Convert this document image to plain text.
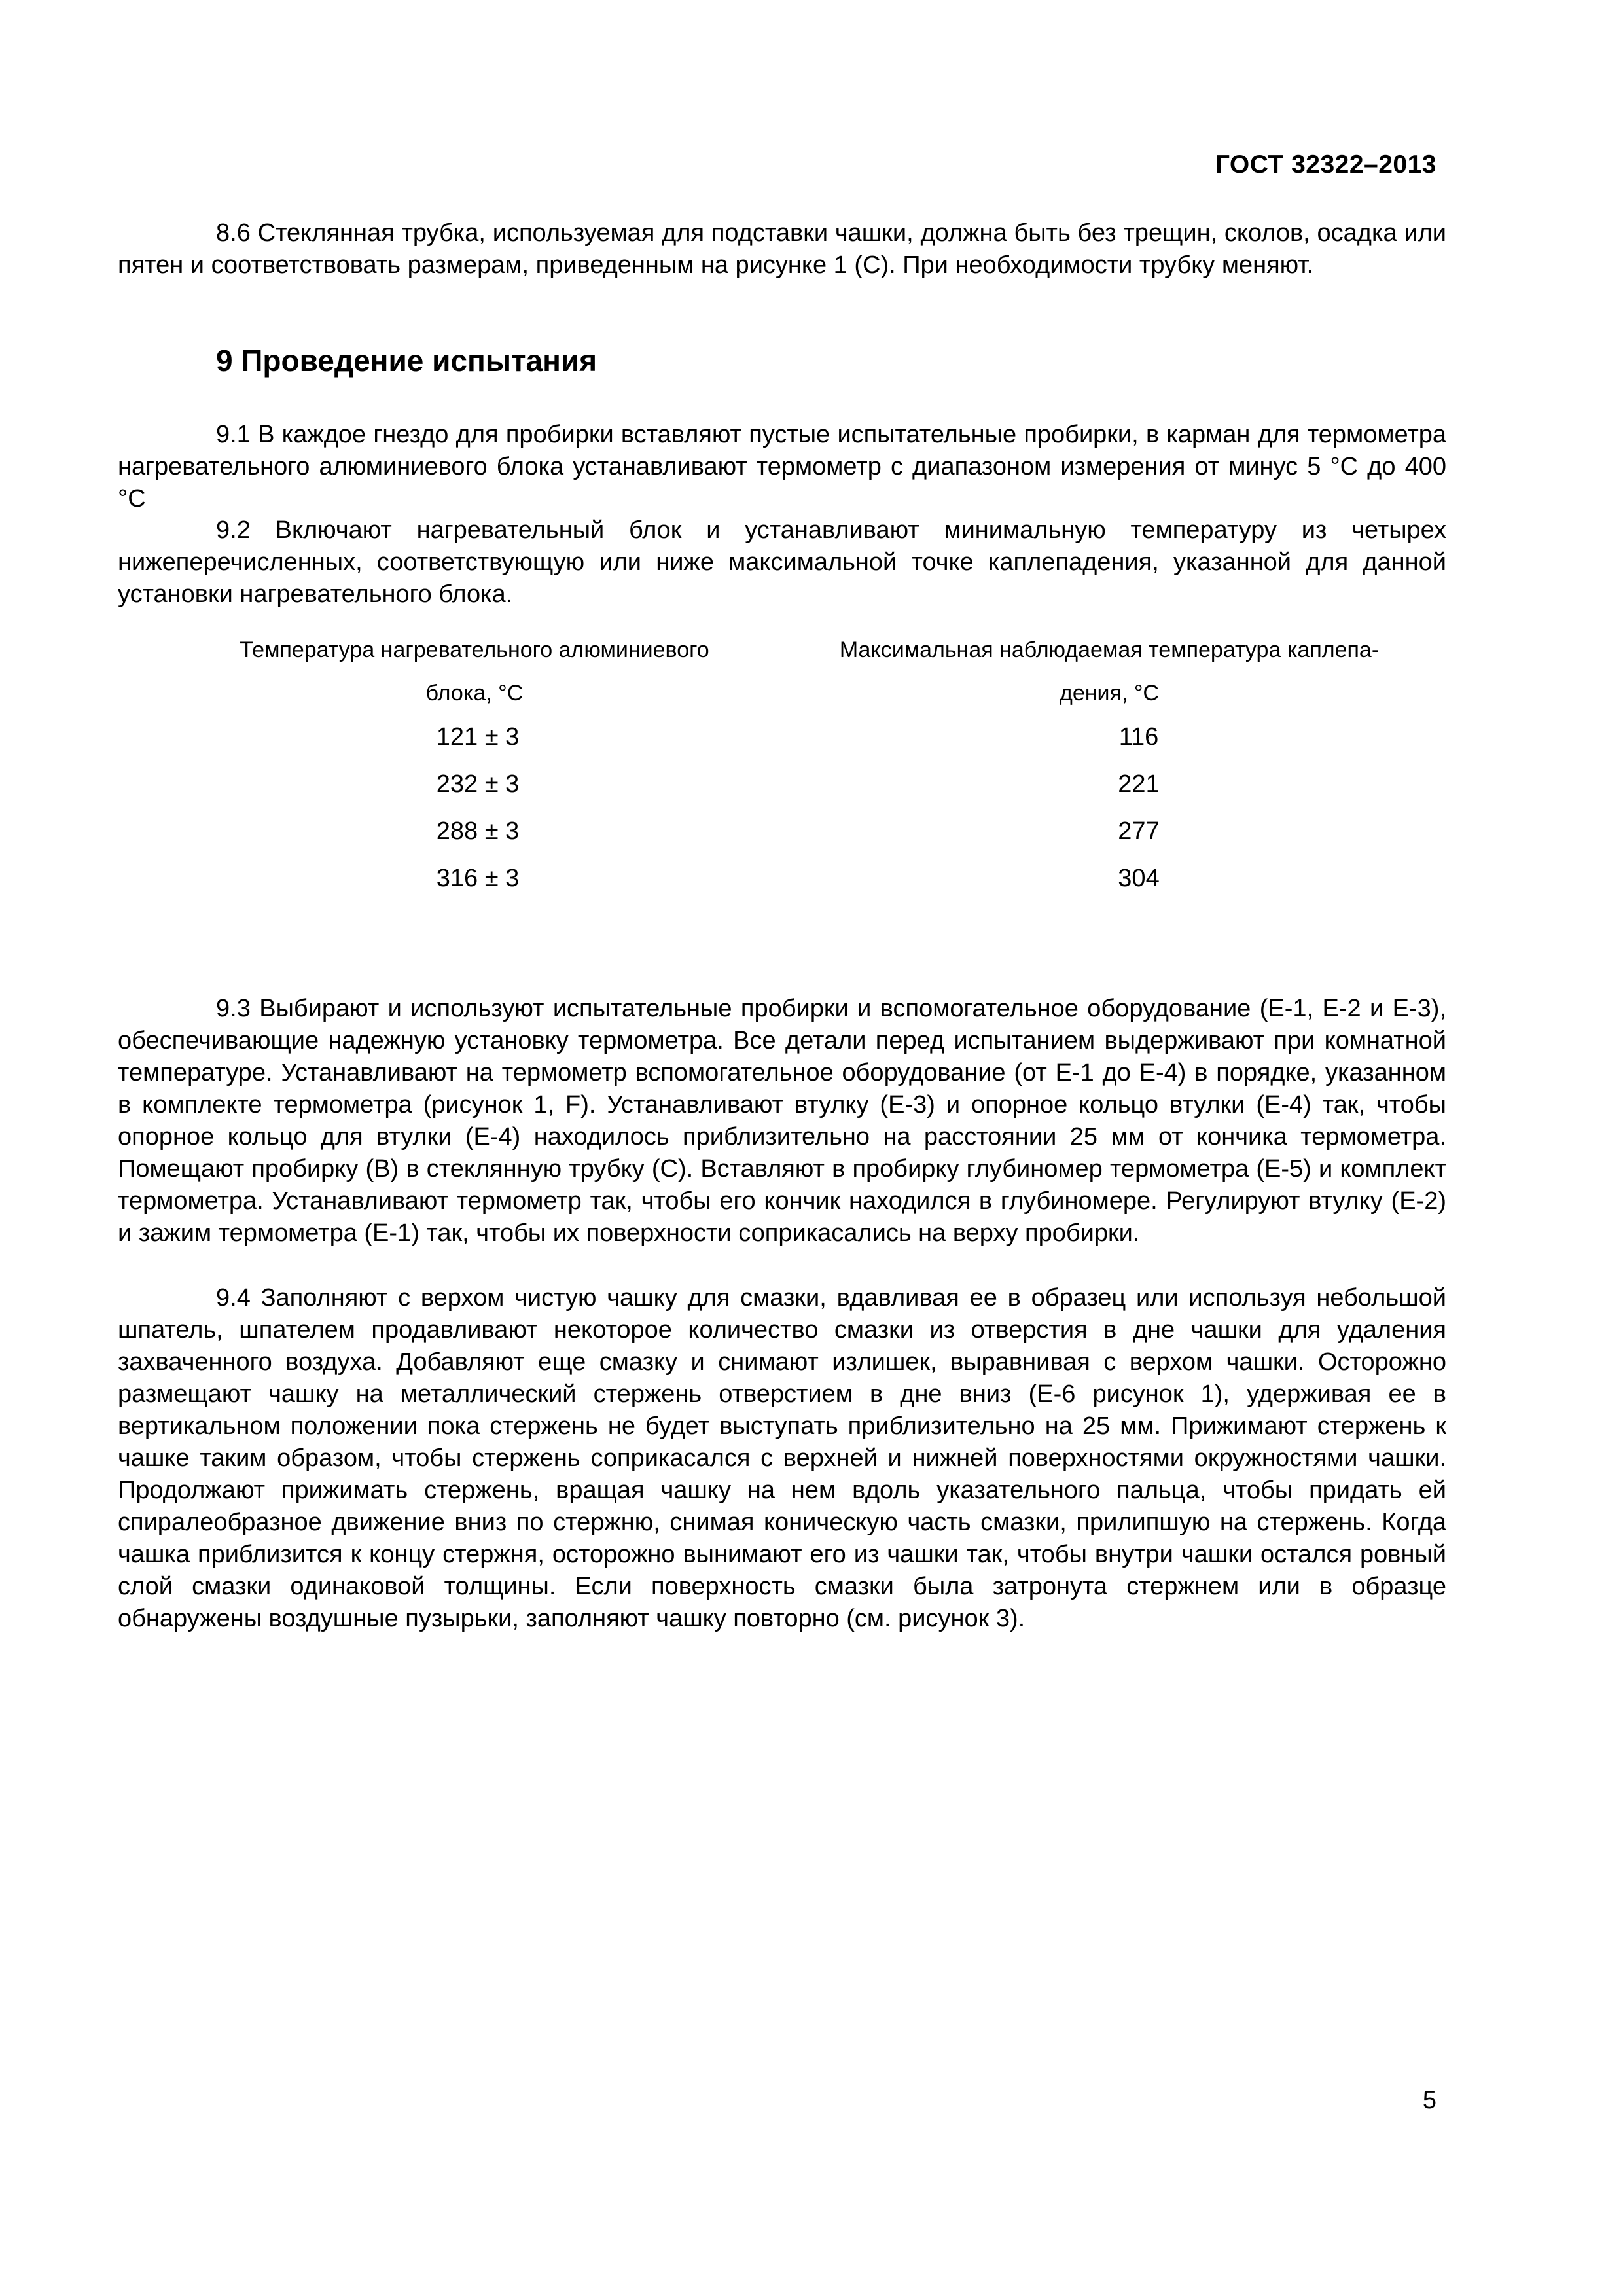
ГОСТ 32322–2013

8.6 Стеклянная трубка, используемая для подставки чашки, должна быть без трещин, сколов, осадка или пятен и соответствовать размерам, приведенным на рисунке 1 (C). При необходимости трубку меняют.

9 Проведение испытания

9.1 В каждое гнездо для пробирки вставляют пустые испытательные пробирки, в карман для термометра нагревательного алюминиевого блока устанавливают термометр с диапазоном измерения от минус 5 °С до 400 °С

9.2 Включают нагревательный блок и устанавливают минимальную температуру из четырех нижеперечисленных, соответствующую или ниже максимальной точке каплепадения, указанной для данной установки нагревательного блока.

Температура нагревательного алюминиевого
блока, °C
Максимальная наблюдаемая температура каплепа-
дения, °C
121 ± 3	116
232 ± 3	221
288 ± 3	277
316 ± 3	304

9.3 Выбирают и используют испытательные пробирки и вспомогательное оборудование (Е-1, Е-2 и Е-3), обеспечивающие надежную установку термометра. Все детали перед испытанием выдерживают при комнатной температуре. Устанавливают на термометр вспомогательное оборудование (от Е-1 до Е-4) в порядке, указанном в комплекте термометра (рисунок 1, F). Устанавливают втулку (Е-3) и опорное кольцо втулки (Е-4) так, чтобы опорное кольцо для втулки (Е-4) находилось приблизительно на расстоянии 25 мм от кончика термометра. Помещают пробирку (В) в стеклянную трубку (С). Вставляют в пробирку глубиномер термометра (Е-5) и комплект термометра. Устанавливают термометр так, чтобы его кончик находился в глубиномере. Регулируют втулку (Е-2) и зажим термометра (Е-1) так, чтобы их поверхности соприкасались на верху пробирки.

9.4 Заполняют с верхом чистую чашку для смазки, вдавливая ее в образец или используя небольшой шпатель, шпателем продавливают некоторое количество смазки из отверстия в дне чашки для удаления захваченного воздуха. Добавляют еще смазку и снимают излишек, выравнивая с верхом чашки. Осторожно размещают чашку на металлический стержень отверстием в дне вниз (Е-6 рисунок 1), удерживая ее в вертикальном положении пока стержень не будет выступать приблизительно на 25 мм. Прижимают стержень к чашке таким образом, чтобы стержень соприкасался с верхней и нижней поверхностями окружностями чашки. Продолжают прижимать стержень, вращая чашку на нем вдоль указательного пальца, чтобы придать ей спиралеобразное движение вниз по стержню, снимая коническую часть смазки, прилипшую на стержень. Когда чашка приблизится к концу стержня, осторожно вынимают его из чашки так, чтобы внутри чашки остался ровный слой смазки одинаковой толщины. Если поверхность смазки была затронута стержнем или в образце обнаружены воздушные пузырьки, заполняют чашку повторно (см. рисунок 3).

5
